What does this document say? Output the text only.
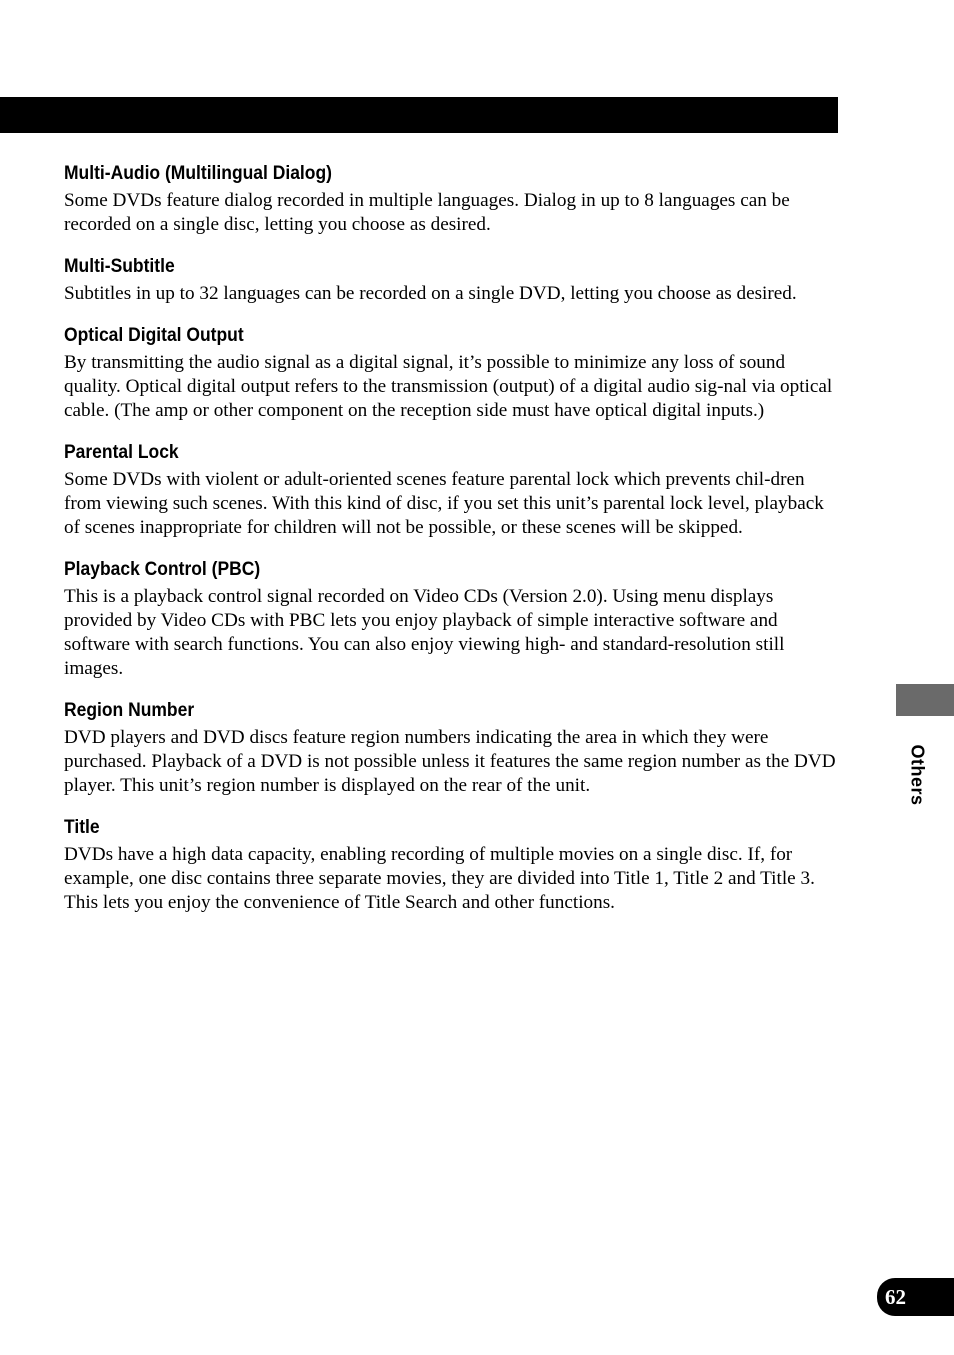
Multi-Audio (Multilingual Dialog)

Some DVDs feature dialog recorded in multiple languages. Dialog in up to 8 languages can be recorded on a single disc, letting you choose as desired.

Multi-Subtitle

Subtitles in up to 32 languages can be recorded on a single DVD, letting you choose as desired.

Optical Digital Output

By transmitting the audio signal as a digital signal, it’s possible to minimize any loss of sound quality. Optical digital output refers to the transmission (output) of a digital audio sig-nal via optical cable. (The amp or other component on the reception side must have optical digital inputs.)

Parental Lock

Some DVDs with violent or adult-oriented scenes feature parental lock which prevents chil-dren from viewing such scenes. With this kind of disc, if you set this unit’s parental lock level, playback of scenes inappropriate for children will not be possible, or these scenes will be skipped.

Playback Control (PBC)

This is a playback control signal recorded on Video CDs (Version 2.0). Using menu displays provided by Video CDs with PBC lets you enjoy playback of simple interactive software and software with search functions. You can also enjoy viewing high- and standard-resolution still images.

Region Number

DVD players and DVD discs feature region numbers indicating the area in which they were purchased. Playback of a DVD is not possible unless it features the same region number as the DVD player. This unit’s region number is displayed on the rear of the unit.

Title

DVDs have a high data capacity, enabling recording of multiple movies on a single disc. If, for example, one disc contains three separate movies, they are divided into Title 1, Title 2 and Title 3. This lets you enjoy the convenience of Title Search and other functions.

Others
62
